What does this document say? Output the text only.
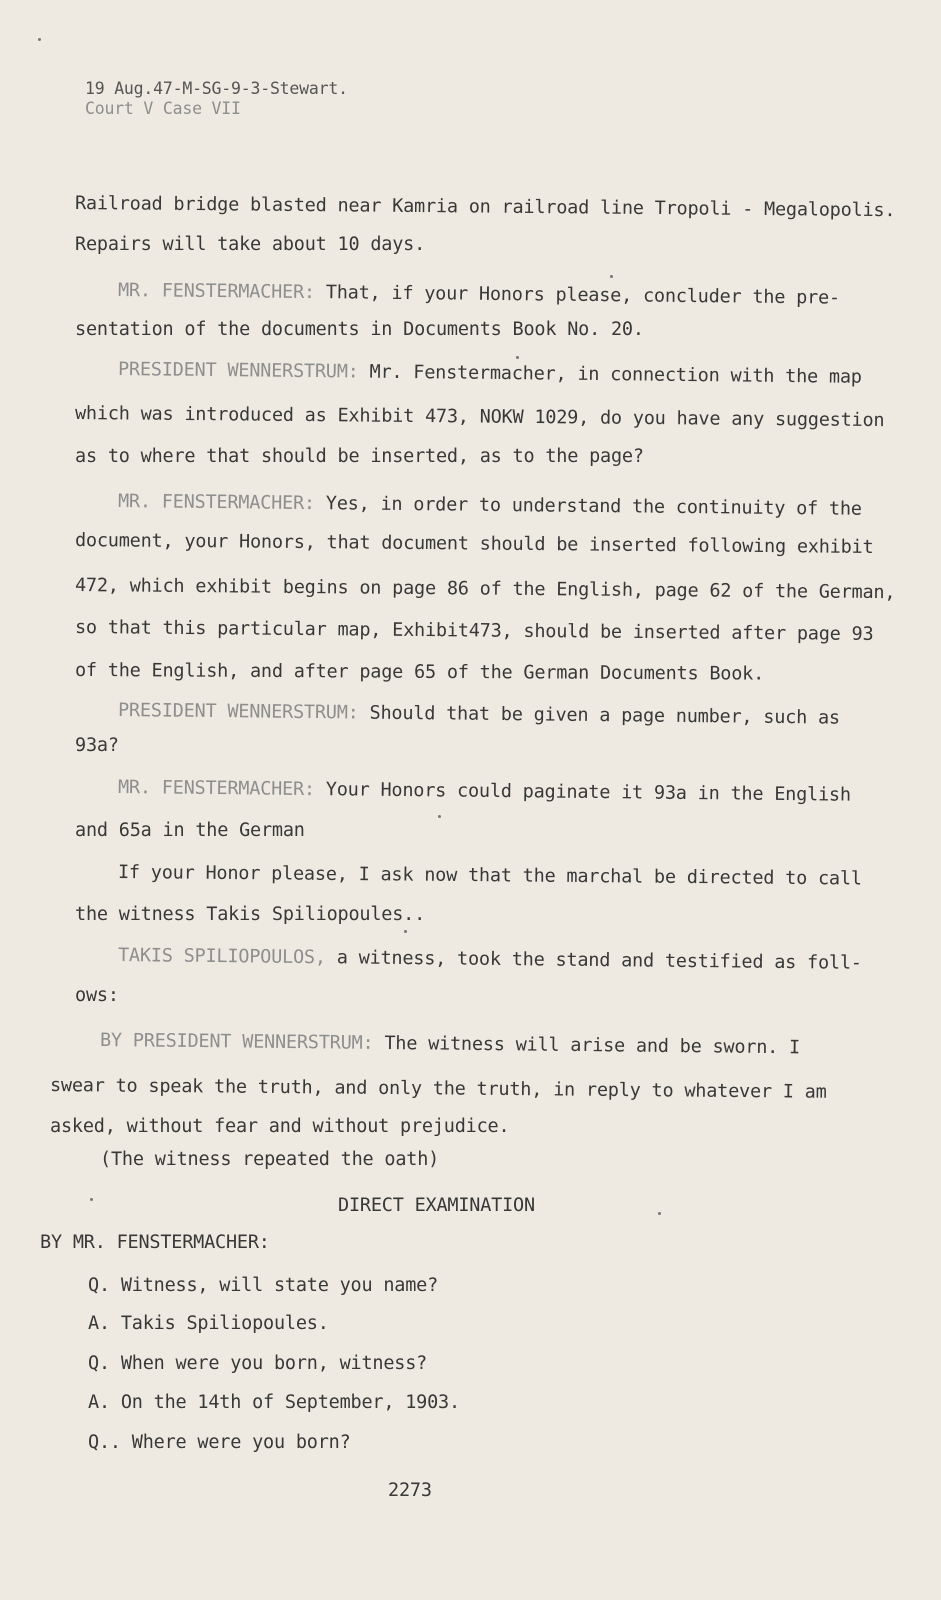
19 Aug.47-M-SG-9-3-Stewart.
Court V Case VII
Railroad bridge blasted near Kamria on railroad line Tropoli - Megalopolis.
Repairs will take about 10 days.
MR. FENSTERMACHER: That, if your Honors please, concluder the pre-
sentation of the documents in Documents Book No. 20.
PRESIDENT WENNERSTRUM: Mr. Fenstermacher, in connection with the map
which was introduced as Exhibit 473, NOKW 1029, do you have any suggestion
as to where that should be inserted, as to the page?
MR. FENSTERMACHER: Yes, in order to understand the continuity of the
document, your Honors, that document should be inserted following exhibit
472, which exhibit begins on page 86 of the English, page 62 of the German,
so that this particular map, Exhibit473, should be inserted after page 93
of the English, and after page 65 of the German Documents Book.
PRESIDENT WENNERSTRUM: Should that be given a page number, such as
93a?
MR. FENSTERMACHER: Your Honors could paginate it 93a in the English
and 65a in the German
If your Honor please, I ask now that the marchal be directed to call
the witness Takis Spiliopoules..
TAKIS SPILIOPOULOS, a witness, took the stand and testified as foll-
ows:
BY PRESIDENT WENNERSTRUM: The witness will arise and be sworn. I
swear to speak the truth, and only the truth, in reply to whatever I am
asked, without fear and without prejudice.
(The witness repeated the oath)
DIRECT EXAMINATION
BY MR. FENSTERMACHER:
Q. Witness, will state you name?
A. Takis Spiliopoules.
Q. When were you born, witness?
A. On the 14th of September, 1903.
Q.. Where were you born?
2273
